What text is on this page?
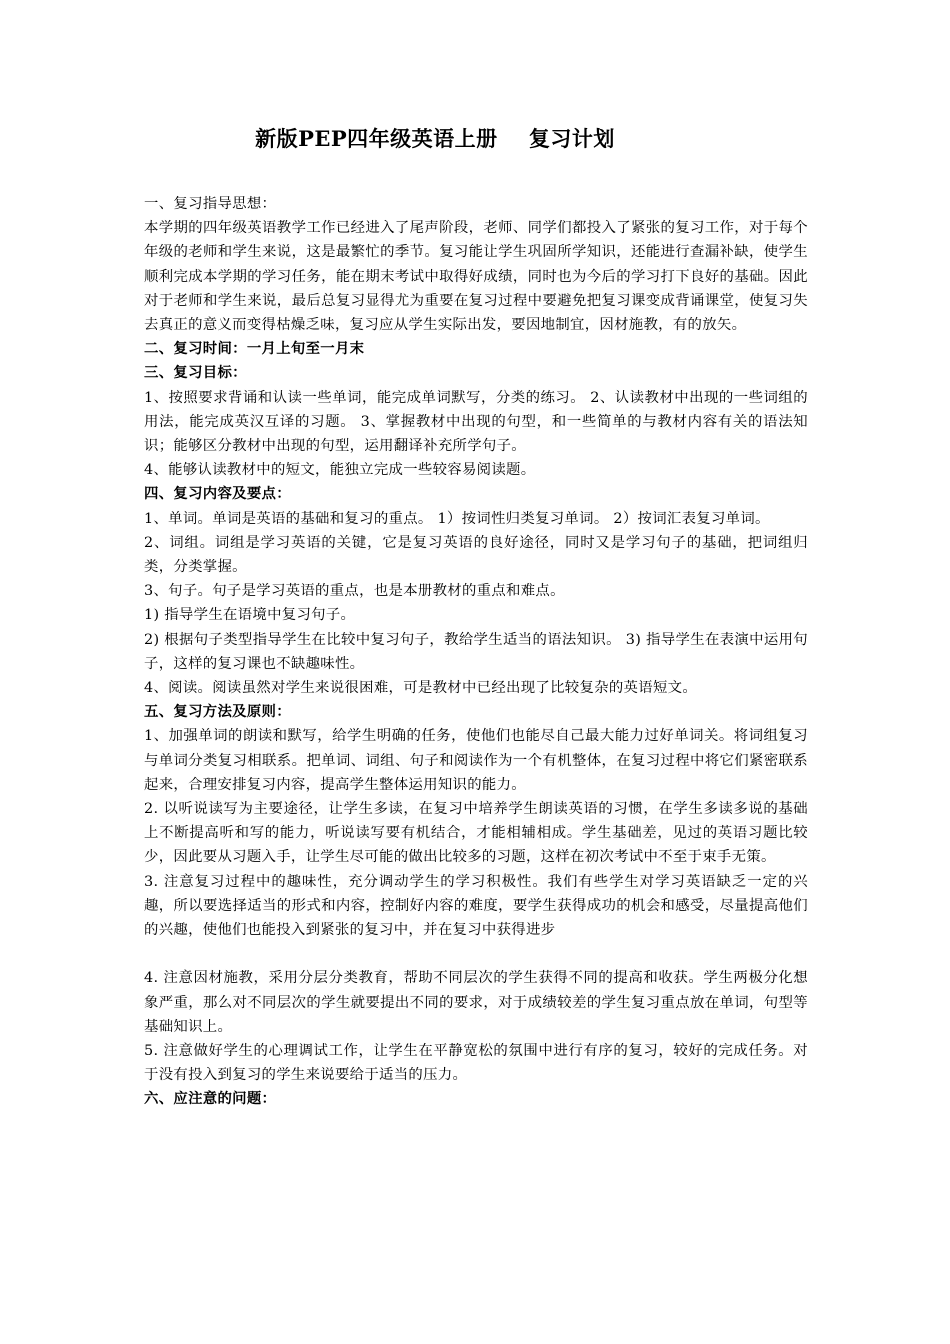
新版PEP四年级英语上册    复习计划

一、复习指导思想：

本学期的四年级英语教学工作已经进入了尾声阶段，老师、同学们都投入了紧张的复习工作，对于每个年级的老师和学生来说，这是最繁忙的季节。复习能让学生巩固所学知识，还能进行查漏补缺，使学生顺利完成本学期的学习任务，能在期末考试中取得好成绩，同时也为今后的学习打下良好的基础。因此对于老师和学生来说，最后总复习显得尤为重要在复习过程中要避免把复习课变成背诵课堂，使复习失去真正的意义而变得枯燥乏味，复习应从学生实际出发，要因地制宜，因材施教，有的放矢。

二、复习时间：一月上旬至一月末

三、复习目标：

1、按照要求背诵和认读一些单词，能完成单词默写，分类的练习。 2、认读教材中出现的一些词组的用法，能完成英汉互译的习题。 3、掌握教材中出现的句型，和一些简单的与教材内容有关的语法知识；能够区分教材中出现的句型，运用翻译补充所学句子。

4、能够认读教材中的短文，能独立完成一些较容易阅读题。

四、复习内容及要点：

1、单词。单词是英语的基础和复习的重点。 1）按词性归类复习单词。 2）按词汇表复习单词。

2、词组。词组是学习英语的关键，它是复习英语的良好途径，同时又是学习句子的基础，把词组归类，分类掌握。

3、句子。句子是学习英语的重点，也是本册教材的重点和难点。

1) 指导学生在语境中复习句子。

2) 根据句子类型指导学生在比较中复习句子，教给学生适当的语法知识。 3) 指导学生在表演中运用句子，这样的复习课也不缺趣味性。

4、阅读。阅读虽然对学生来说很困难，可是教材中已经出现了比较复杂的英语短文。

五、复习方法及原则：

1、加强单词的朗读和默写，给学生明确的任务，使他们也能尽自己最大能力过好单词关。将词组复习与单词分类复习相联系。把单词、词组、句子和阅读作为一个有机整体，在复习过程中将它们紧密联系起来，合理安排复习内容，提高学生整体运用知识的能力。

2. 以听说读写为主要途径，让学生多读，在复习中培养学生朗读英语的习惯，在学生多读多说的基础上不断提高听和写的能力，听说读写要有机结合，才能相辅相成。学生基础差，见过的英语习题比较少，因此要从习题入手，让学生尽可能的做出比较多的习题，这样在初次考试中不至于束手无策。

3. 注意复习过程中的趣味性，充分调动学生的学习积极性。我们有些学生对学习英语缺乏一定的兴趣，所以要选择适当的形式和内容，控制好内容的难度，要学生获得成功的机会和感受，尽量提高他们的兴趣，使他们也能投入到紧张的复习中，并在复习中获得进步

4. 注意因材施教，采用分层分类教育，帮助不同层次的学生获得不同的提高和收获。学生两极分化想象严重，那么对不同层次的学生就要提出不同的要求，对于成绩较差的学生复习重点放在单词，句型等基础知识上。

5. 注意做好学生的心理调试工作，让学生在平静宽松的氛围中进行有序的复习，较好的完成任务。对于没有投入到复习的学生来说要给于适当的压力。

六、应注意的问题：
